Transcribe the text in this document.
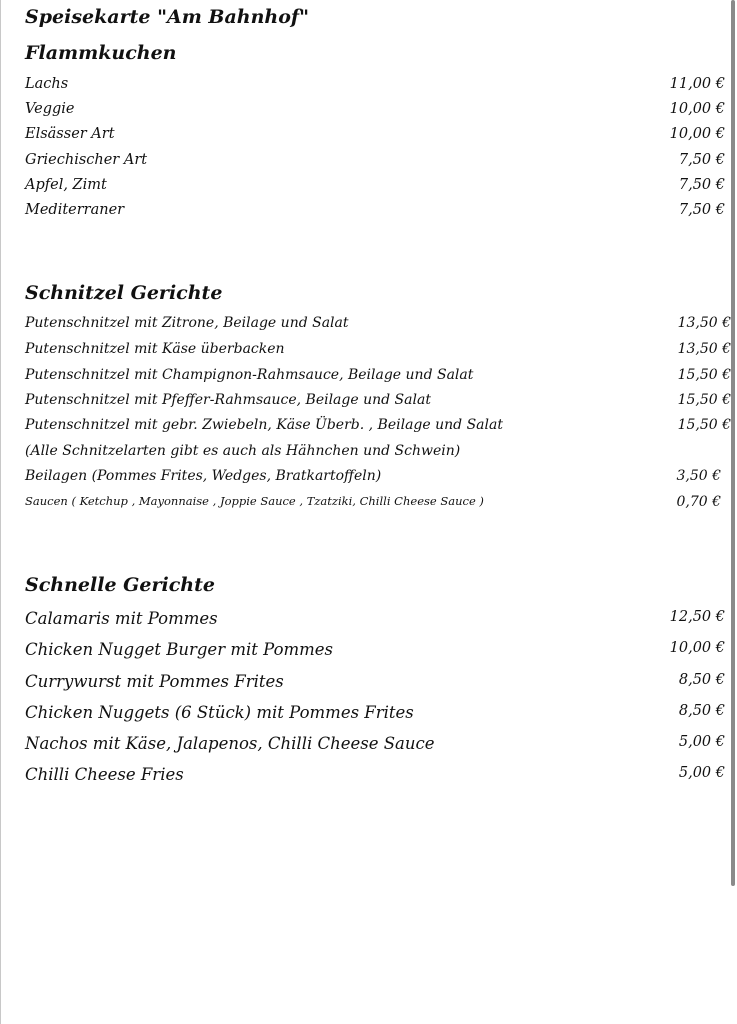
Speisekarte "Am Bahnhof"
Flammkuchen
Lachs	11,00 €
Veggie	10,00 €
Elsässer Art	10,00 €
Griechischer Art	7,50 €
Apfel, Zimt	7,50 €
Mediterraner	7,50 €
Schnitzel Gerichte
Putenschnitzel mit Zitrone, Beilage und Salat	13,50 €
Putenschnitzel mit Käse überbacken	13,50 €
Putenschnitzel mit Champignon-Rahmsauce, Beilage und Salat	15,50 €
Putenschnitzel mit Pfeffer-Rahmsauce, Beilage und Salat	15,50 €
Putenschnitzel mit gebr. Zwiebeln, Käse Überb. , Beilage und Salat	15,50 €
(Alle Schnitzelarten gibt es auch als Hähnchen und Schwein)
Beilagen (Pommes Frites, Wedges, Bratkartoffeln)	3,50 €
Saucen ( Ketchup , Mayonnaise , Joppie Sauce , Tzatziki, Chilli Cheese Sauce )	0,70 €
Schnelle Gerichte
Calamaris mit Pommes	12,50 €
Chicken Nugget Burger mit Pommes	10,00 €
Currywurst mit Pommes Frites	8,50 €
Chicken Nuggets (6 Stück) mit Pommes Frites	8,50 €
Nachos mit Käse, Jalapenos, Chilli Cheese Sauce	5,00 €
Chilli Cheese Fries	5,00 €
